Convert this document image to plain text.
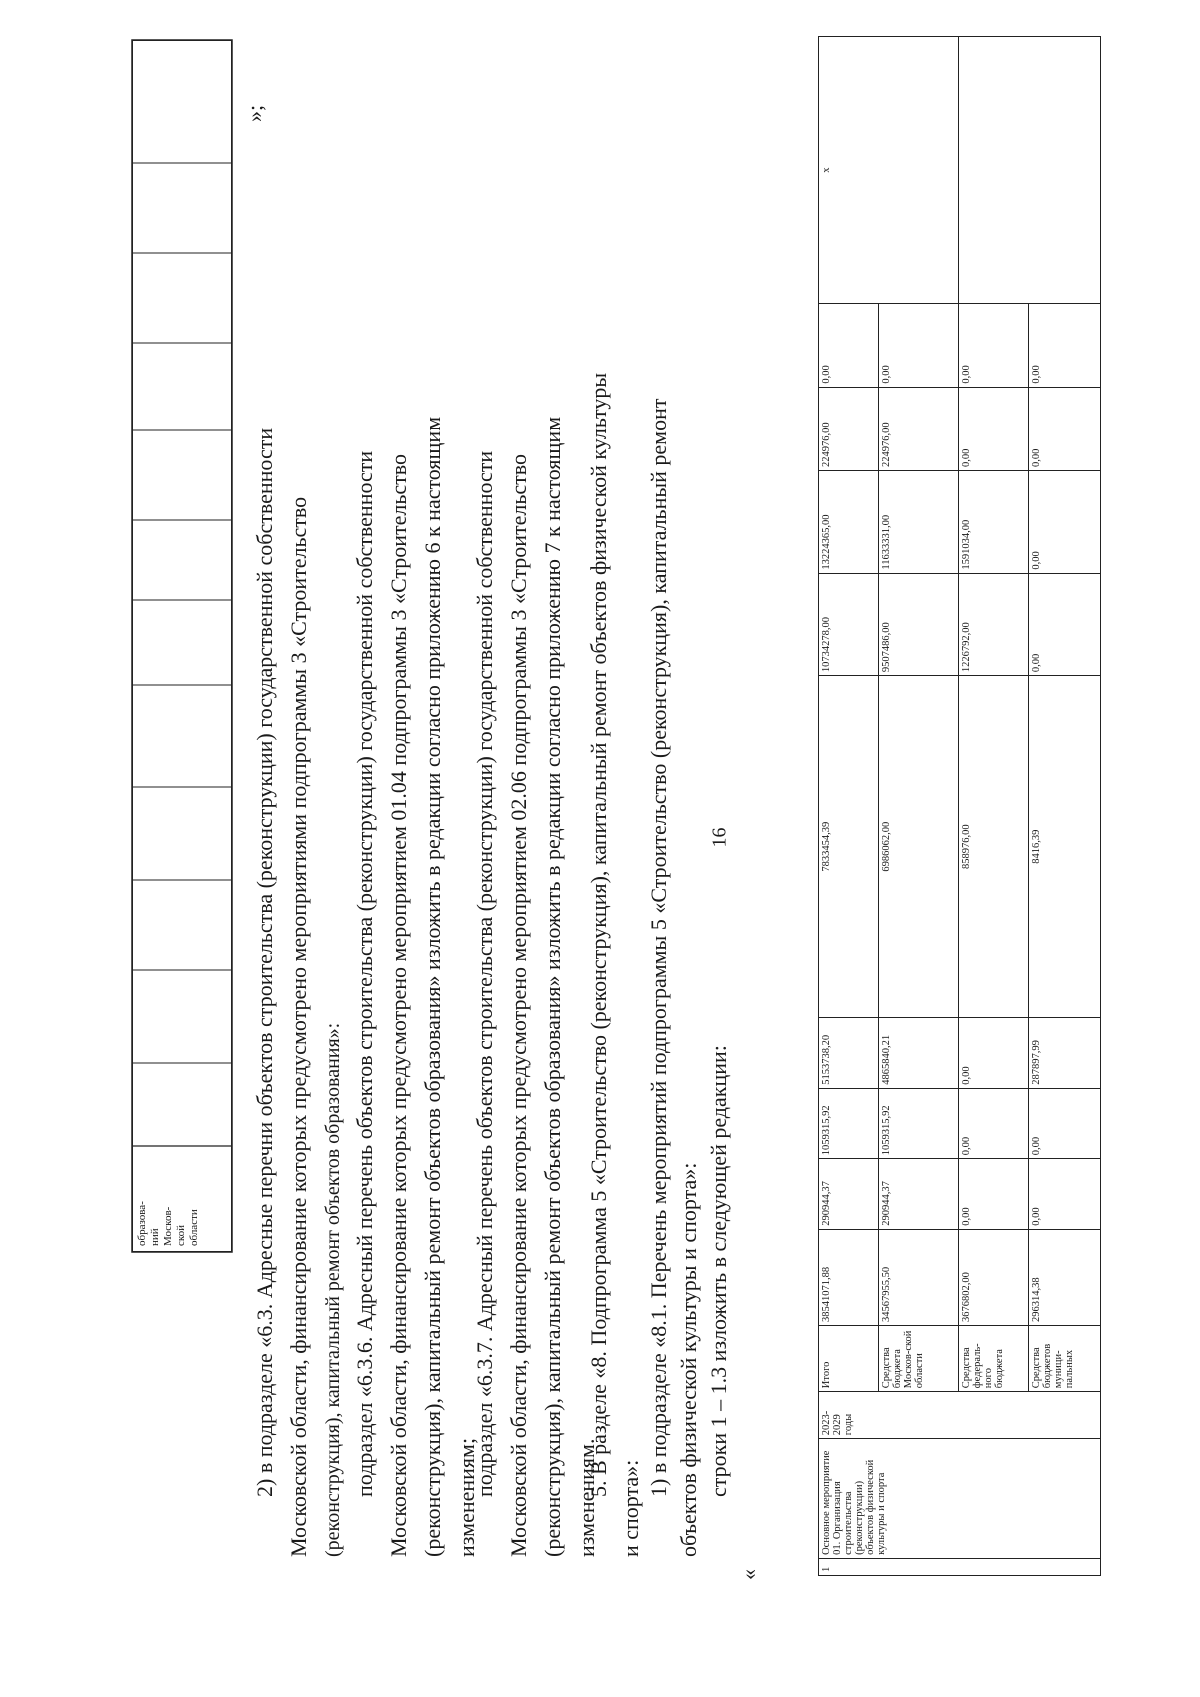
16
образова-
ний
Москов-
ской
области
»;
2) в подразделе «6.3. Адресные перечни объектов строительства (реконструкции) государственной собственности Московской области, финансирование которых предусмотрено мероприятиями подпрограммы 3 «Строительство (реконструкция), капитальный ремонт объектов образования»: подраздел «6.3.6. Адресный перечень объектов строительства (реконструкции) государственной собственности Московской области, финансирование которых предусмотрено мероприятием 01.04 подпрограммы 3 «Строительство (реконструкция), капитальный ремонт объектов образования» изложить в редакции согласно приложению 6 к настоящим изменениям;
подраздел «6.3.7. Адресный перечень объектов строительства (реконструкции) государственной собственности Московской области, финансирование которых предусмотрено мероприятием 02.06 подпрограммы 3 «Строительство (реконструкция), капитальный ремонт объектов образования» изложить в редакции согласно приложению 7 к настоящим изменениям.
5. В разделе «8. Подпрограмма 5 «Строительство (реконструкция), капитальный ремонт объектов физической культуры
и спорта»:
1) в подразделе «8.1. Перечень мероприятий подпрограммы 5 «Строительство (реконструкция), капитальный ремонт объектов физической культуры и спорта»: строки 1 – 1.3 изложить в следующей редакции:
«	1	Основное мероприятие 01. Организация строительства (реконструкции) объектов физической культуры и спорта	2023-2029 годы	Итого	38541071,88	290944,37	1059315,92	5153738,20	7833454,39	10734278,00	13224365,00	224976,00	0,00	х
			Средства бюджета Москов-ской области	34567955,50	290944,37	1059315,92	4865840,21	6986062,00	9507486,00	11633331,00	224976,00	0,00	
			Средства федераль-ного бюджета	3676802,00	0,00	0,00	0,00	858976,00	1226792,00	1591034,00	0,00	0,00	
			Средства бюджетов муници-пальных	296314,38	0,00	0,00	287897,99	8416,39	0,00	0,00	0,00	0,00	
